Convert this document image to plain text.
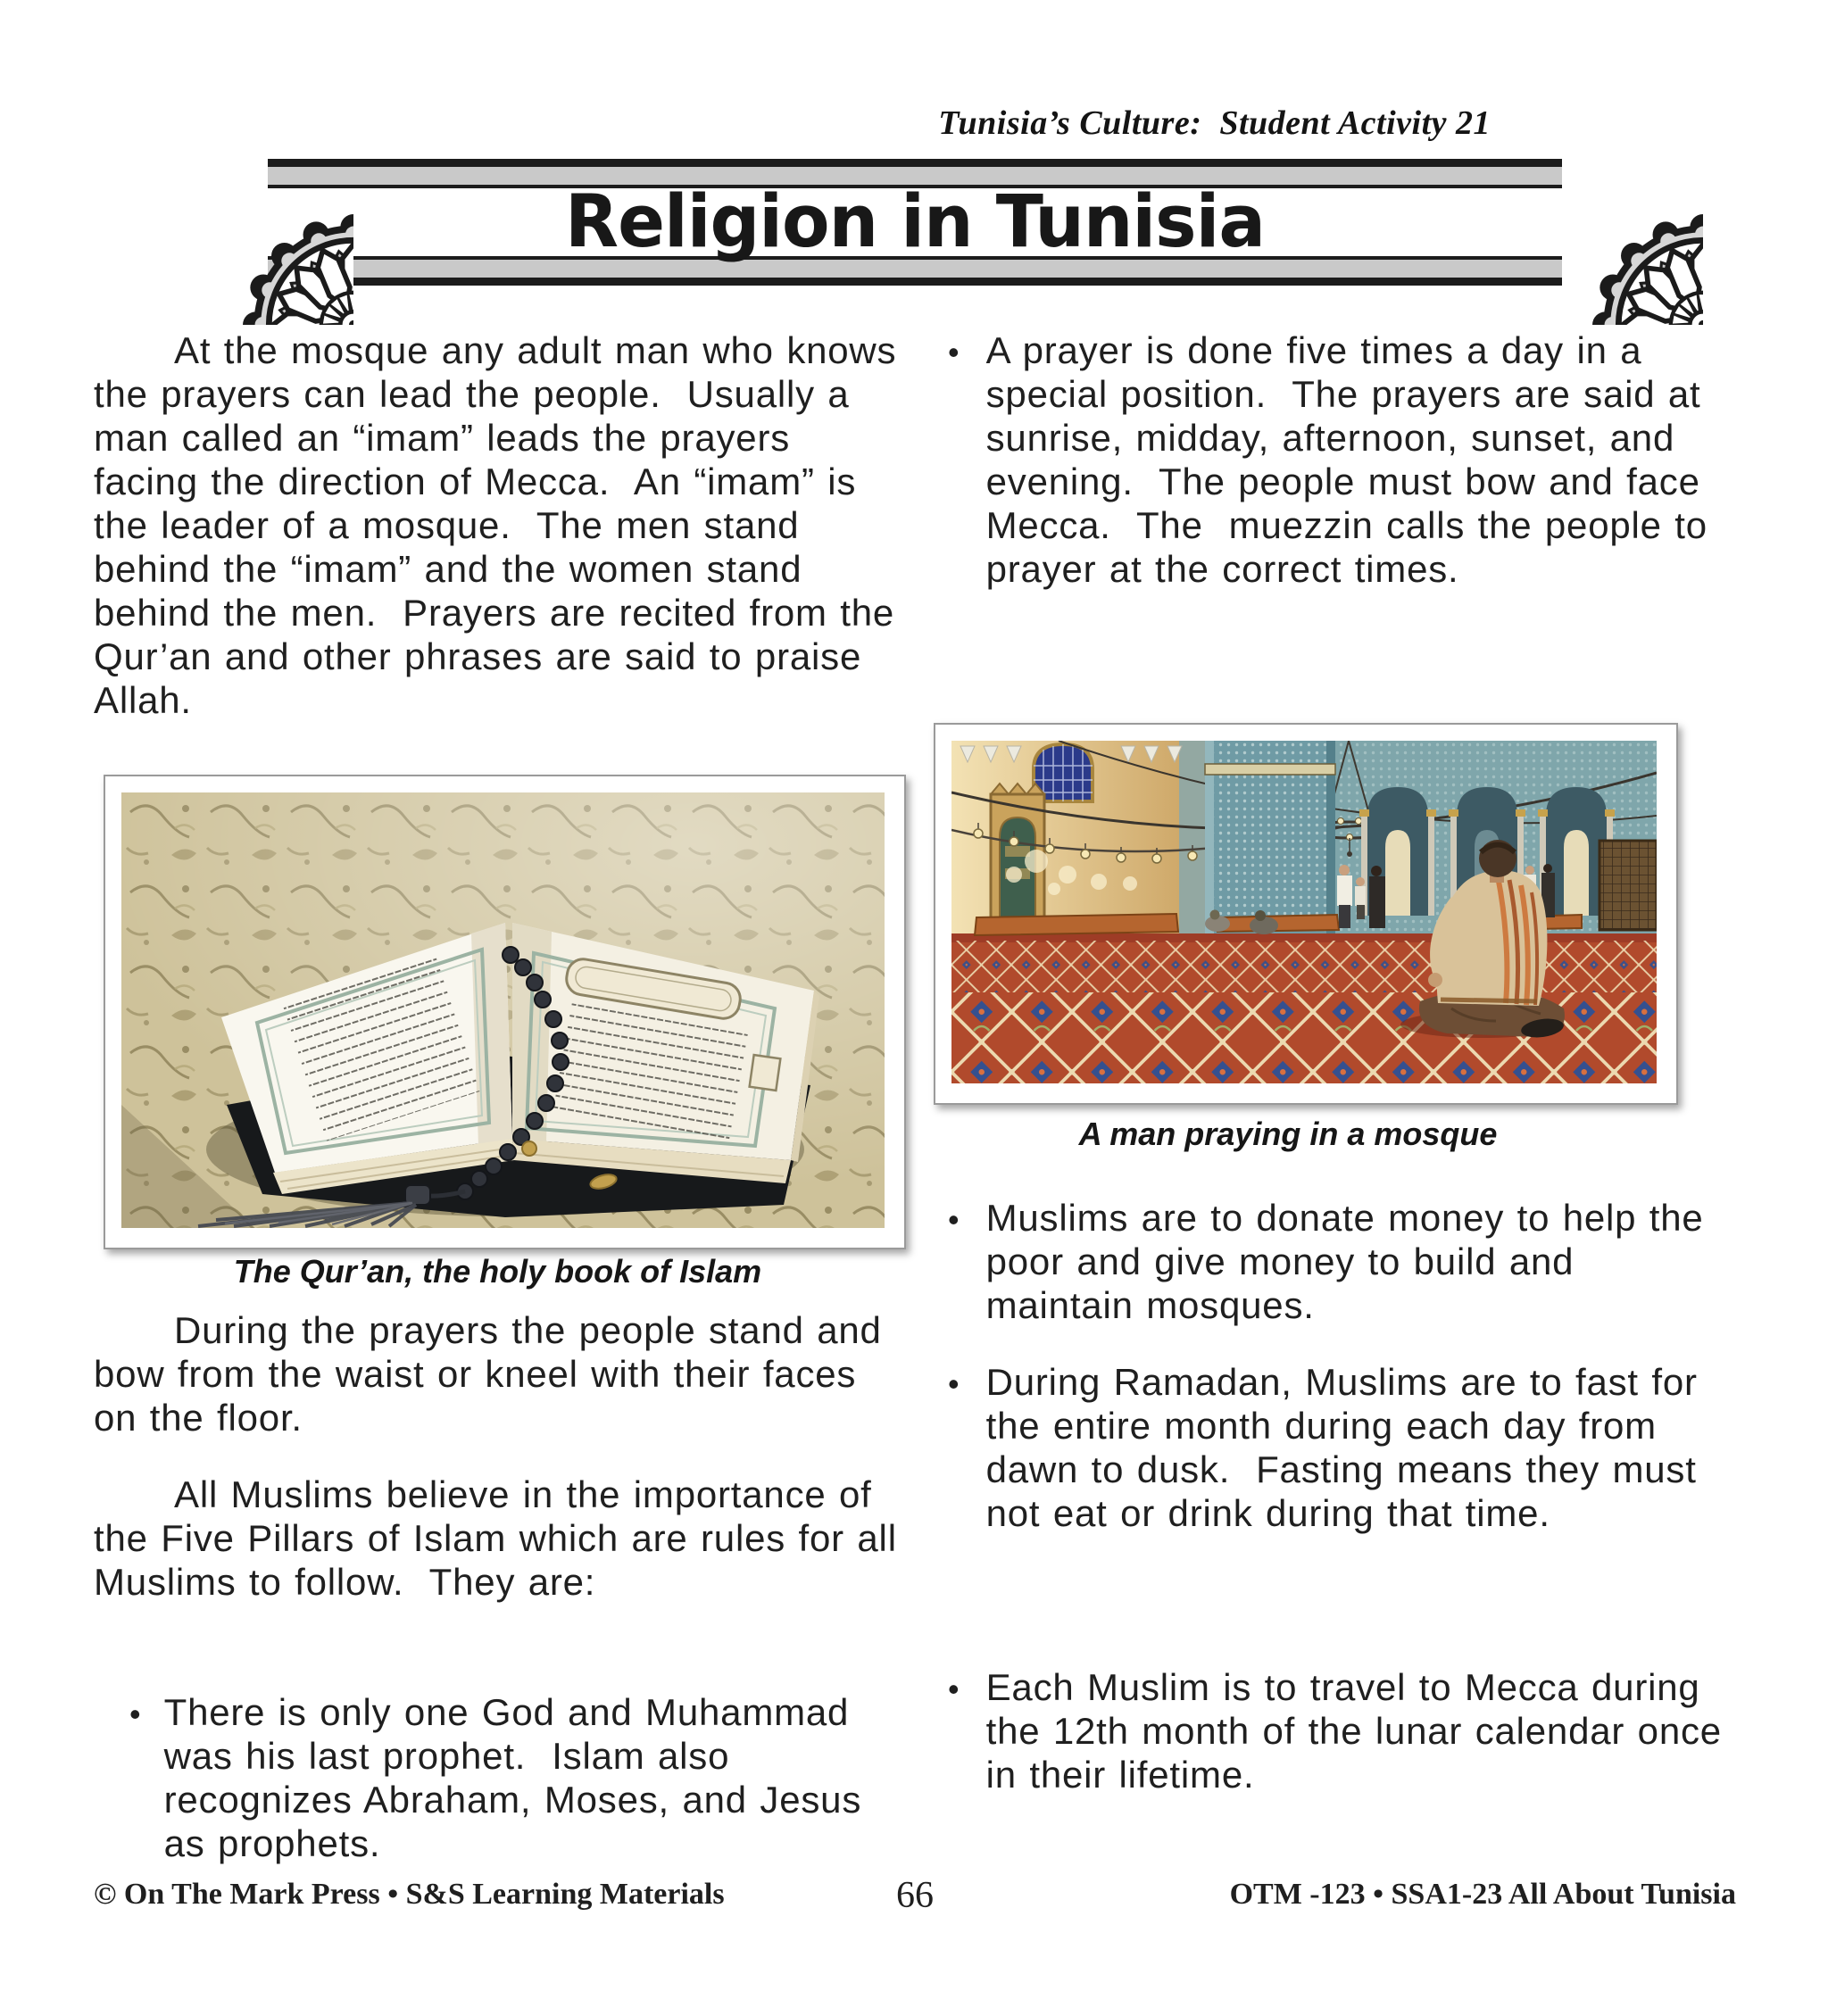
Tunisia’s Culture:  Student Activity 21
Religion in Tunisia
At the mosque any adult man who knows the prayers can lead the people.  Usually a man called an “imam” leads the prayers facing the direction of Mecca.  An “imam” is the leader of a mosque.  The men stand behind the “imam” and the women stand behind the men.  Prayers are recited from the Qur’an and other phrases are said to praise Allah.
The Qur’an, the holy book of Islam
During the prayers the people stand and bow from the waist or kneel with their faces on the floor.
All Muslims believe in the importance of the Five Pillars of Islam which are rules for all Muslims to follow.  They are:
• There is only one God and Muhammad was his last prophet.  Islam also recognizes Abraham, Moses, and Jesus as prophets.
• A prayer is done five times a day in a special position.  The prayers are said at sunrise, midday, afternoon, sunset, and evening.  The people must bow and face Mecca.  The  muezzin calls the people to prayer at the correct times.
A man praying in a mosque
• Muslims are to donate money to help the poor and give money to build and maintain mosques.
• During Ramadan, Muslims are to fast for the entire month during each day from dawn to dusk.  Fasting means they must not eat or drink during that time.
• Each Muslim is to travel to Mecca during the 12th month of the lunar calendar once in their lifetime.
© On The Mark Press • S&S Learning Materials	66	OTM -123 • SSA1-23 All About Tunisia
